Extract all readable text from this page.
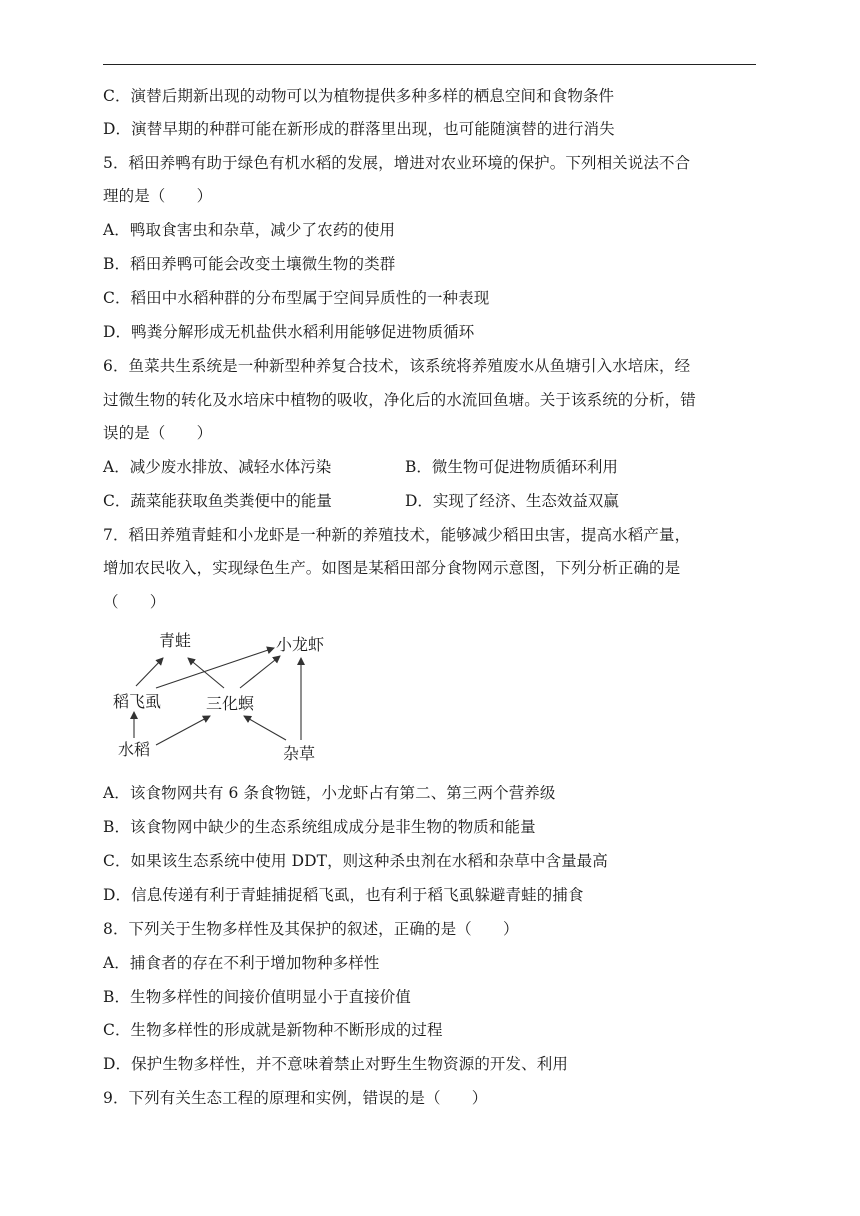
C．演替后期新出现的动物可以为植物提供多种多样的栖息空间和食物条件
D．演替早期的种群可能在新形成的群落里出现，也可能随演替的进行消失
5．稻田养鸭有助于绿色有机水稻的发展，增进对农业环境的保护。下列相关说法不合
理的是（　　）
A．鸭取食害虫和杂草，减少了农药的使用
B．稻田养鸭可能会改变土壤微生物的类群
C．稻田中水稻种群的分布型属于空间异质性的一种表现
D．鸭粪分解形成无机盐供水稻利用能够促进物质循环
6．鱼菜共生系统是一种新型种养复合技术，该系统将养殖废水从鱼塘引入水培床，经
过微生物的转化及水培床中植物的吸收，净化后的水流回鱼塘。关于该系统的分析，错
误的是（　　）
A．减少废水排放、减轻水体污染	B．微生物可促进物质循环利用
C．蔬菜能获取鱼类粪便中的能量	D．实现了经济、生态效益双赢
7．稻田养殖青蛙和小龙虾是一种新的养殖技术，能够减少稻田虫害，提高水稻产量，
增加农民收入，实现绿色生产。如图是某稻田部分食物网示意图，下列分析正确的是
（　　）
青蛙	小龙虾
稻飞虱	三化螟
水稻	杂草
A．该食物网共有 6 条食物链，小龙虾占有第二、第三两个营养级
B．该食物网中缺少的生态系统组成成分是非生物的物质和能量
C．如果该生态系统中使用 DDT，则这种杀虫剂在水稻和杂草中含量最高
D．信息传递有利于青蛙捕捉稻飞虱，也有利于稻飞虱躲避青蛙的捕食
8．下列关于生物多样性及其保护的叙述，正确的是（　　）
A．捕食者的存在不利于增加物种多样性
B．生物多样性的间接价值明显小于直接价值
C．生物多样性的形成就是新物种不断形成的过程
D．保护生物多样性，并不意味着禁止对野生生物资源的开发、利用
9．下列有关生态工程的原理和实例，错误的是（　　）
